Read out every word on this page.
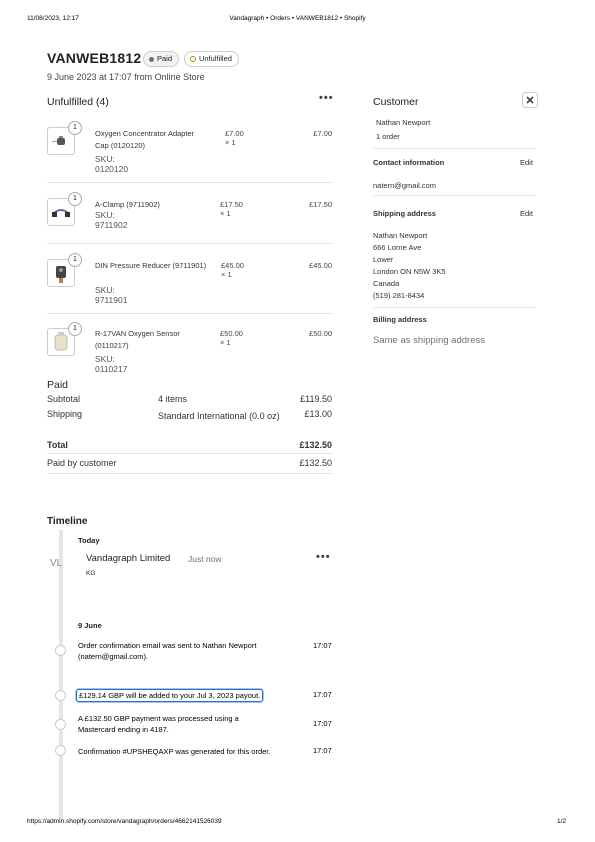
11/08/2023, 12:17	Vandagraph • Orders • VANWEB1812 • Shopify
VANWEB1812 Paid	Unfulfilled
9 June 2023 at 17:07 from Online Store
Unfulfilled (4)	•••
1
Oxygen Concentrator Adapter Cap (0120120)
SKU: 0120120
£7.00 × 1
£7.00
1
A-Clamp (9711902)
SKU: 9711902
£17.50 × 1
£17.50
1
DIN Pressure Reducer (9711901)
SKU: 9711901
£45.00 × 1
£45.00
1
R-17VAN Oxygen Sensor (0110217)
SKU: 0110217
£50.00 × 1
£50.00
Paid
Subtotal	4 items	£119.50
Shipping	Standard International (0.0 oz)	£13.00
Total	£132.50
Paid by customer	£132.50
Customer
Nathan Newport
1 order
Contact information	Edit
natern@gmail.com
Shipping address	Edit
Nathan Newport
666 Lorne Ave
Lower
London ON N5W 3K5
Canada
(519) 281-8434
Billing address
Same as shipping address
Timeline
Today
VL	Vandagraph Limited Just now
KG
•••
9 June
Order confirmation email was sent to Nathan Newport (natern@gmail.com).
17:07
£129.14 GBP will be added to your Jul 3, 2023 payout.	17:07
A £132.50 GBP payment was processed using a Mastercard ending in 4187.
17:07
Confirmation #UPSHEQAXP was generated for this order.	17:07
https://admin.shopify.com/store/vandagraph/orders/4662141526039	1/2
